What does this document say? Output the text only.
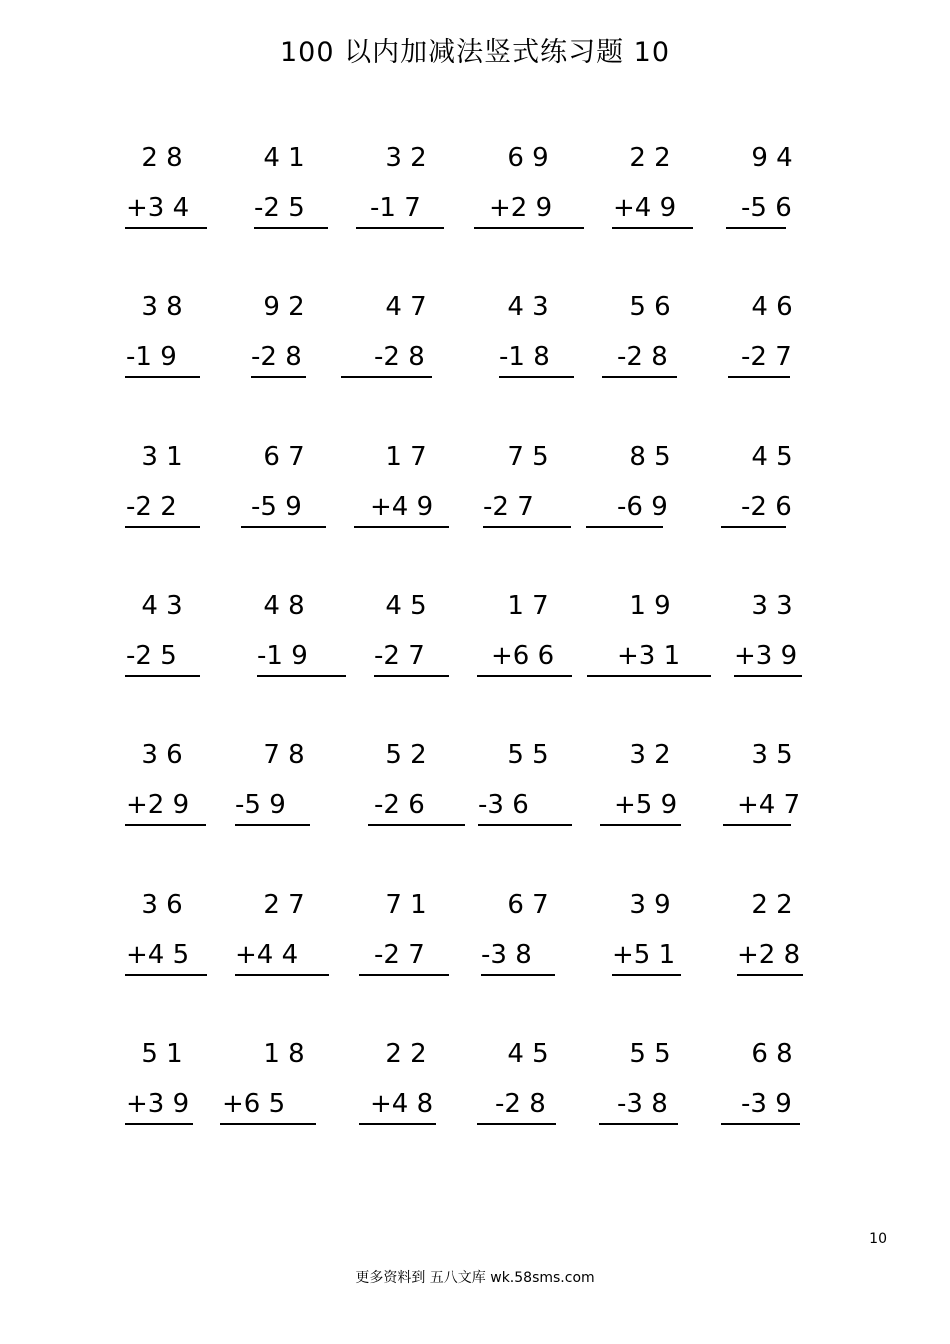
100 以内加减法竖式练习题 10
2 8
+3 4
4 1
-2 5
3 2
-1 7
6 9
+2 9
2 2
+4 9
9 4
-5 6
3 8
-1 9
9 2
-2 8
4 7
-2 8
4 3
-1 8
5 6
-2 8
4 6
-2 7
3 1
-2 2
6 7
-5 9
1 7
+4 9
7 5
-2 7
8 5
-6 9
4 5
-2 6
4 3
-2 5
4 8
-1 9
4 5
-2 7
1 7
+6 6
1 9
+3 1
3 3
+3 9
3 6
+2 9
7 8
-5 9
5 2
-2 6
5 5
-3 6
3 2
+5 9
3 5
+4 7
3 6
+4 5
2 7
+4 4
7 1
-2 7
6 7
-3 8
3 9
+5 1
2 2
+2 8
5 1
+3 9
1 8
+6 5
2 2
+4 8
4 5
-2 8
5 5
-3 8
6 8
-3 9
10
更多资料到 五八文库 wk.58sms.com
